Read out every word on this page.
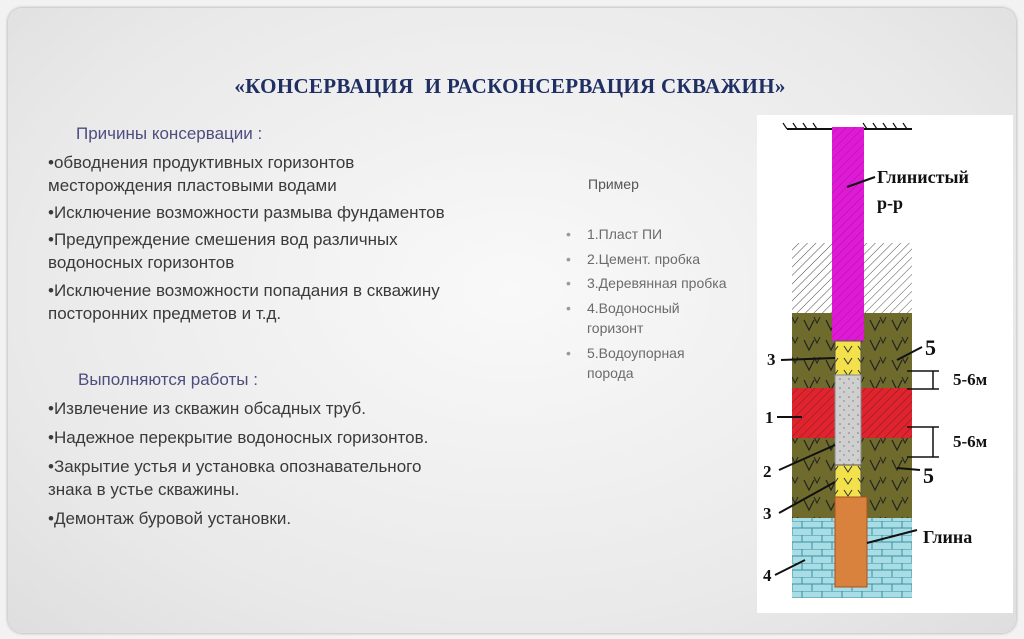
«КОНСЕРВАЦИЯ  И РАСКОНСЕРВАЦИЯ СКВАЖИН»
Причины консервации :
•обводнения продуктивных горизонтов
месторождения пластовыми водами
•Исключение возможности размыва фундаментов
•Предупреждение смешения вод различных
водоносных горизонтов
•Исключение возможности попадания в скважину
посторонних предметов и т.д.
Выполняются работы :
•Извлечение из скважин обсадных труб.
•Надежное перекрытие водоносных горизонтов.
•Закрытие устья и установка опознавательного
знака в устье скважины.
•Демонтаж буровой установки.
Пример
• 1.Пласт ПИ
• 2.Цемент. пробка
• 3.Деревянная пробка
• 4.Водоносный
горизонт
• 5.Водоупорная
порода
Глинистый
р-р
3	5
5-6м
1
5-6м
2	5
3
Глина
4
